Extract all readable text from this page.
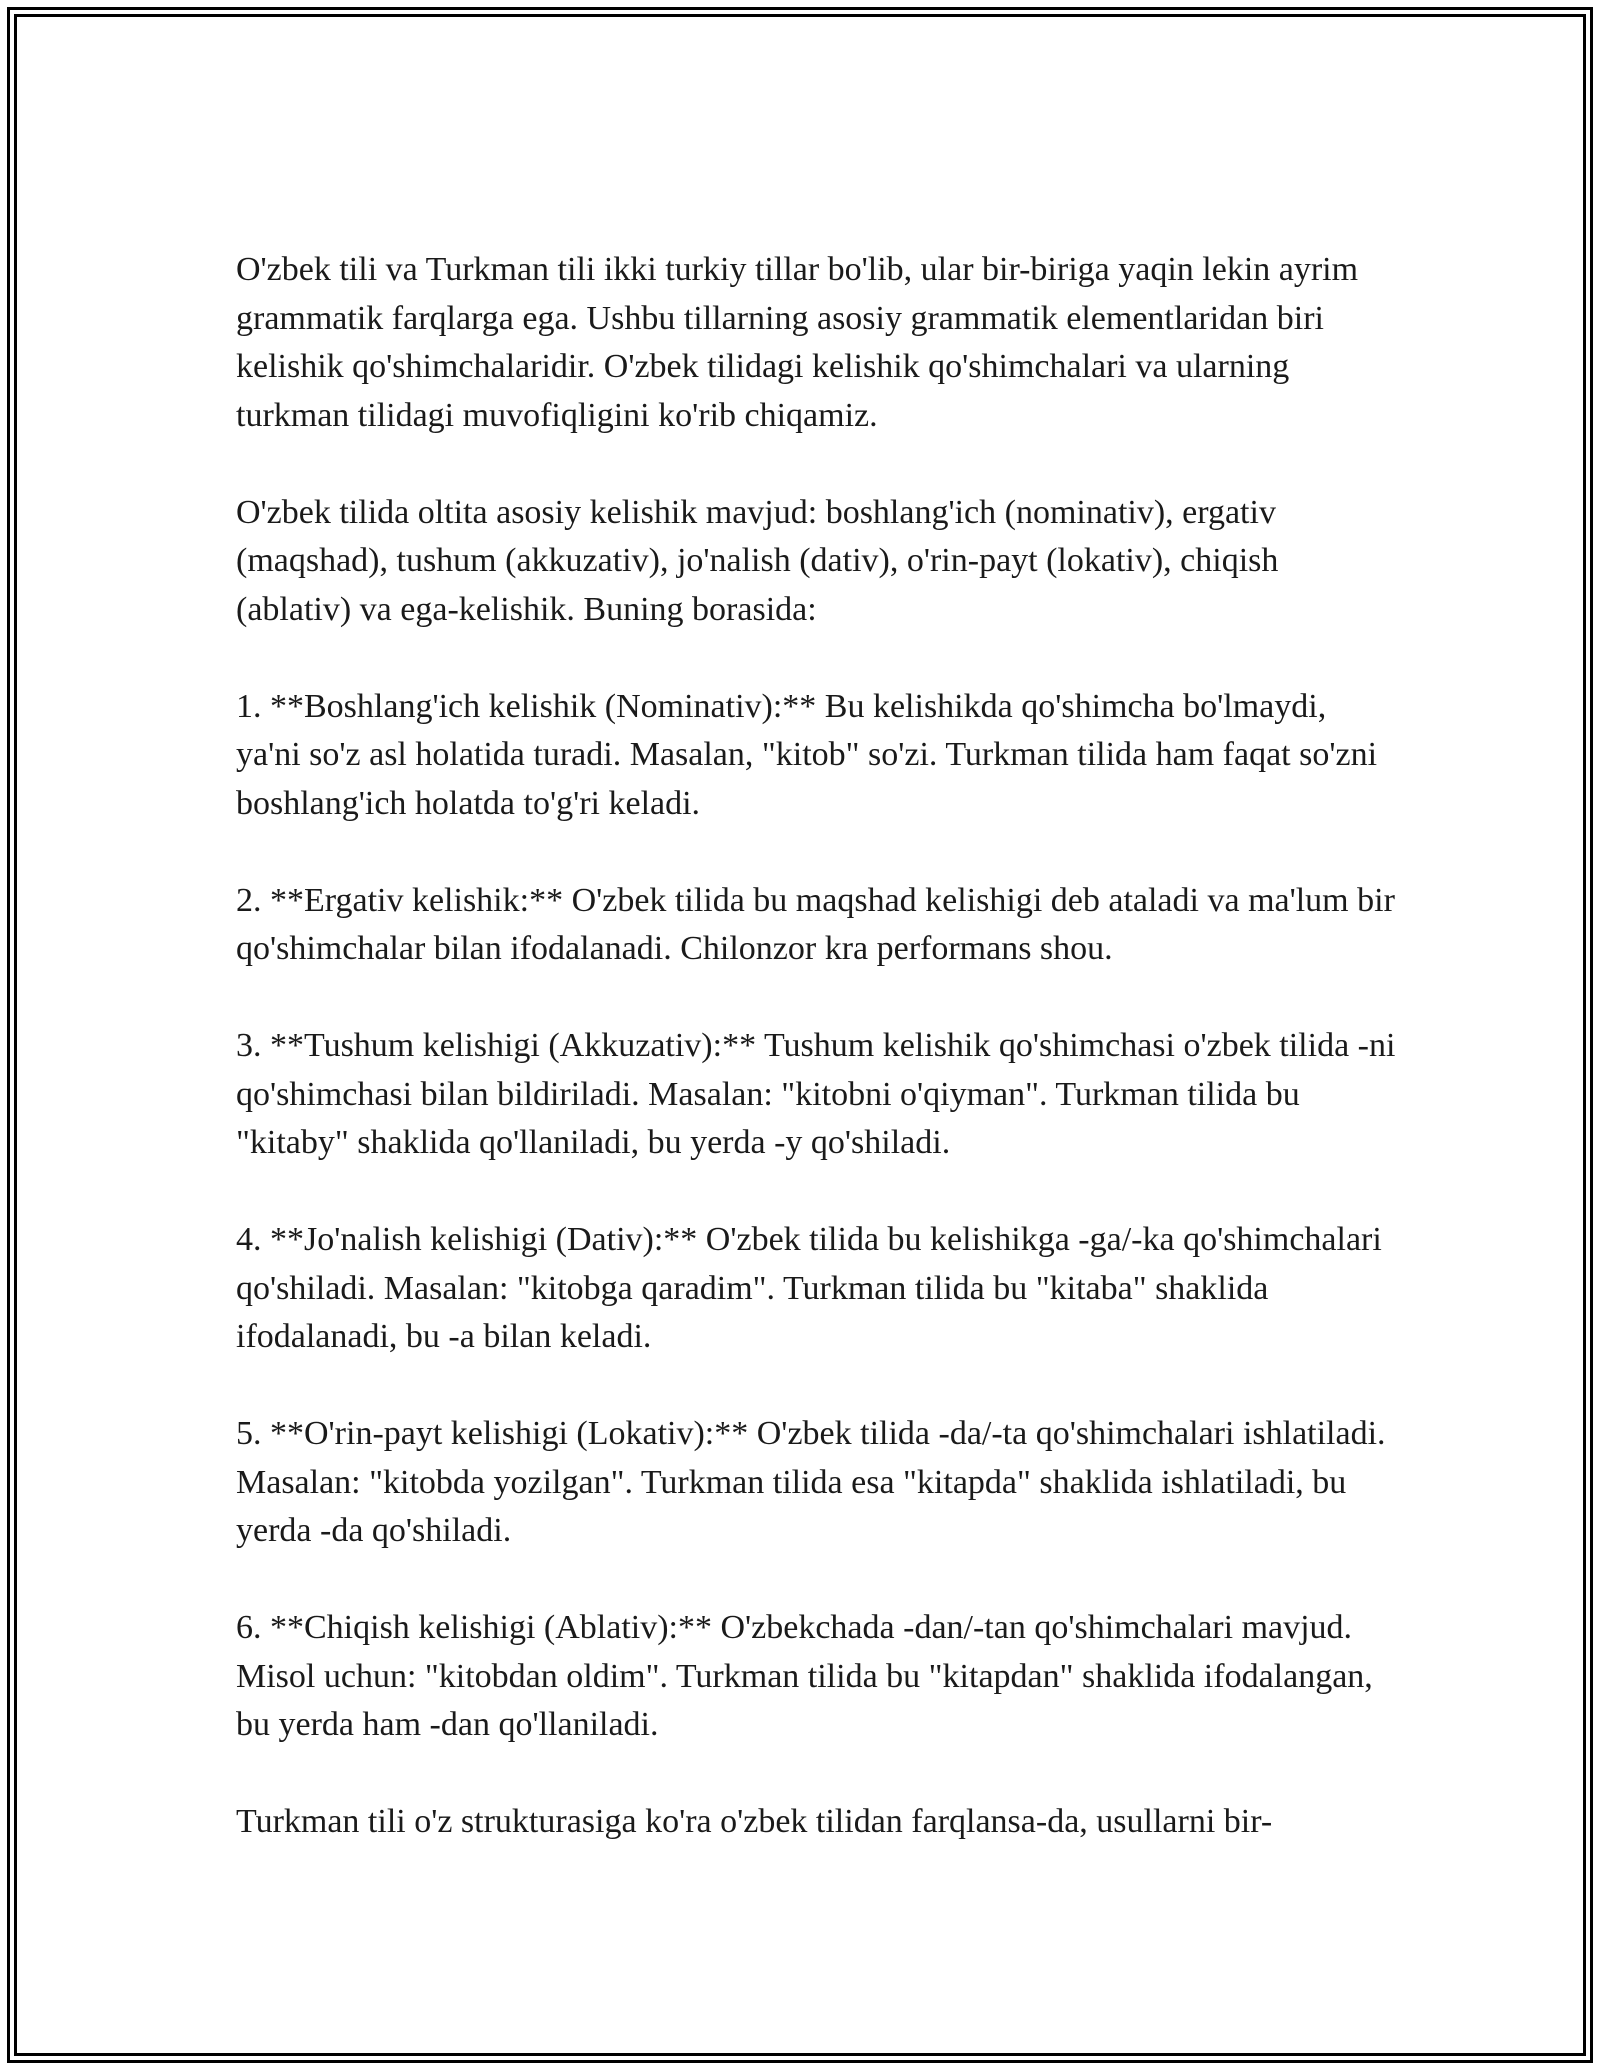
O'zbek tili va Turkman tili ikki turkiy tillar bo'lib, ular bir-biriga yaqin lekin ayrim grammatik farqlarga ega. Ushbu tillarning asosiy grammatik elementlaridan biri kelishik qo'shimchalaridir. O'zbek tilidagi kelishik qo'shimchalari va ularning turkman tilidagi muvofiqligini ko'rib chiqamiz.

O'zbek tilida oltita asosiy kelishik mavjud: boshlang'ich (nominativ), ergativ (maqshad), tushum (akkuzativ), jo'nalish (dativ), o'rin-payt (lokativ), chiqish (ablativ) va ega-kelishik. Buning borasida:

1. **Boshlang'ich kelishik (Nominativ):** Bu kelishikda qo'shimcha bo'lmaydi, ya'ni so'z asl holatida turadi. Masalan, "kitob" so'zi. Turkman tilida ham faqat so'zni boshlang'ich holatda to'g'ri keladi.

2. **Ergativ kelishik:** O'zbek tilida bu maqshad kelishigi deb ataladi va ma'lum bir qo'shimchalar bilan ifodalanadi. Chilonzor kra performans shou.

3. **Tushum kelishigi (Akkuzativ):** Tushum kelishik qo'shimchasi o'zbek tilida -ni qo'shimchasi bilan bildiriladi. Masalan: "kitobni o'qiyman". Turkman tilida bu "kitaby" shaklida qo'llaniladi, bu yerda -y qo'shiladi.

4. **Jo'nalish kelishigi (Dativ):** O'zbek tilida bu kelishikga -ga/-ka qo'shimchalari qo'shiladi. Masalan: "kitobga qaradim". Turkman tilida bu "kitaba" shaklida ifodalanadi, bu -a bilan keladi.

5. **O'rin-payt kelishigi (Lokativ):** O'zbek tilida -da/-ta qo'shimchalari ishlatiladi. Masalan: "kitobda yozilgan". Turkman tilida esa "kitapda" shaklida ishlatiladi, bu yerda -da qo'shiladi.

6. **Chiqish kelishigi (Ablativ):** O'zbekchada -dan/-tan qo'shimchalari mavjud. Misol uchun: "kitobdan oldim". Turkman tilida bu "kitapdan" shaklida ifodalangan, bu yerda ham -dan qo'llaniladi.

Turkman tili o'z strukturasiga ko'ra o'zbek tilidan farqlansa-da, usullarni bir-
